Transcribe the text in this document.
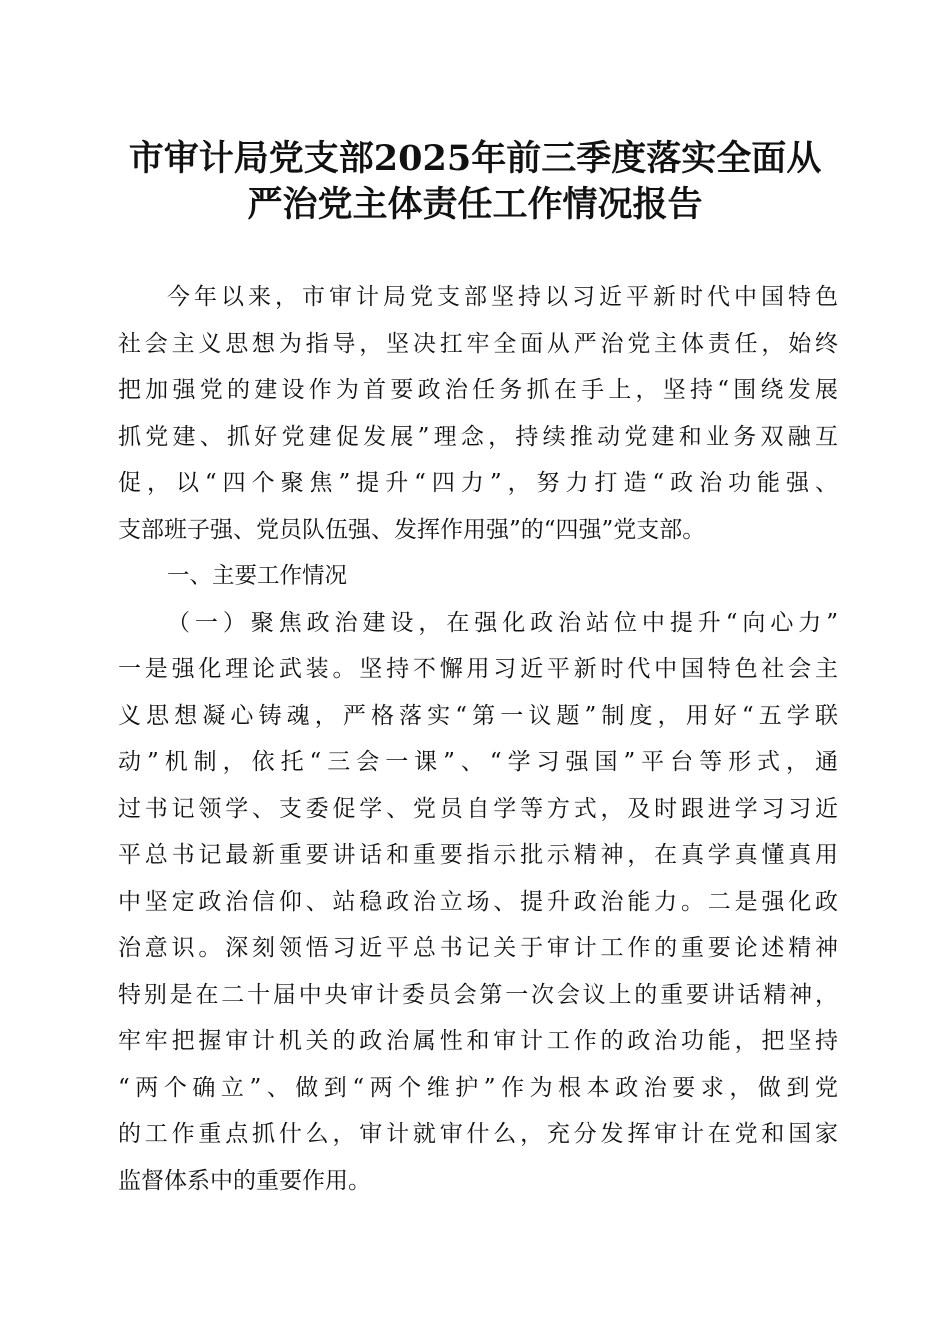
市审计局党支部2025年前三季度落实全面从
严治党主体责任工作情况报告
今年以来，市审计局党支部坚持以习近平新时代中国特色
社会主义思想为指导，坚决扛牢全面从严治党主体责任，始终
把加强党的建设作为首要政治任务抓在手上，坚持“围绕发展
抓党建、抓好党建促发展”理念，持续推动党建和业务双融互
促，以“四个聚焦”提升“四力”，努力打造“政治功能强、
支部班子强、党员队伍强、发挥作用强”的“四强”党支部。
一、主要工作情况
（一）聚焦政治建设，在强化政治站位中提升“向心力”
一是强化理论武装。坚持不懈用习近平新时代中国特色社会主
义思想凝心铸魂，严格落实“第一议题”制度，用好“五学联
动”机制，依托“三会一课”、“学习强国”平台等形式，通
过书记领学、支委促学、党员自学等方式，及时跟进学习习近
平总书记最新重要讲话和重要指示批示精神，在真学真懂真用
中坚定政治信仰、站稳政治立场、提升政治能力。二是强化政
治意识。深刻领悟习近平总书记关于审计工作的重要论述精神
特别是在二十届中央审计委员会第一次会议上的重要讲话精神，
牢牢把握审计机关的政治属性和审计工作的政治功能，把坚持
“两个确立”、做到“两个维护”作为根本政治要求，做到党
的工作重点抓什么，审计就审什么，充分发挥审计在党和国家
监督体系中的重要作用。
